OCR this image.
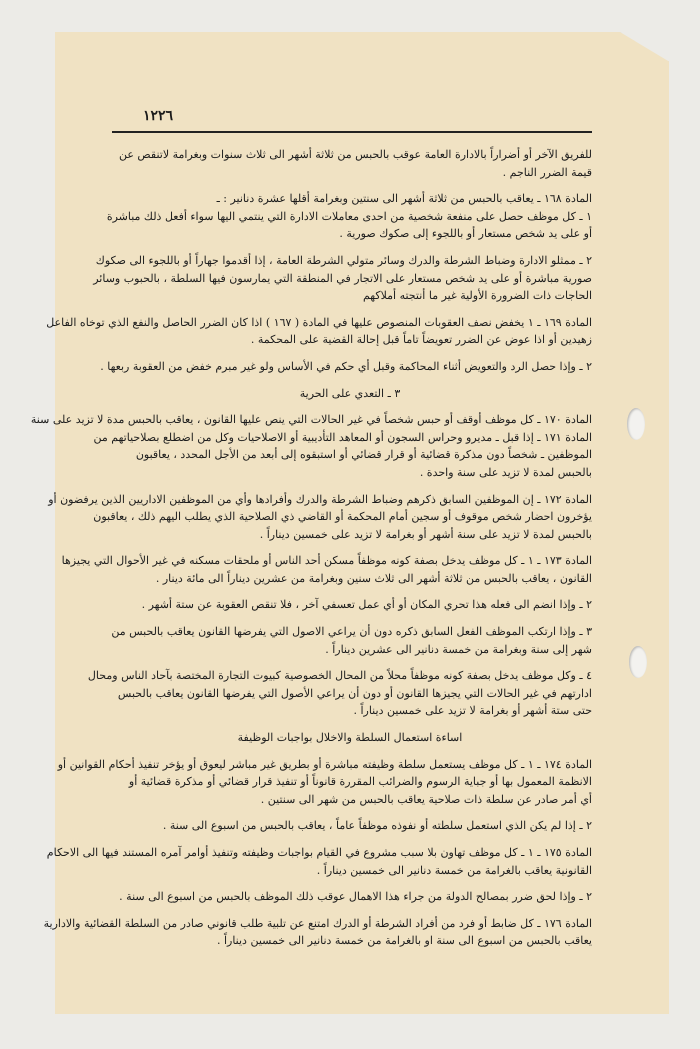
١٢٢٦

للفريق الآخر أو أضراراً بالادارة العامة عوقب بالحبس من ثلاثة أشهر الى ثلاث سنوات وبغرامة لاتنقص عن

قيمة الضرر الناجم .

المادة ١٦٨ ـ يعاقب بالحبس من ثلاثة أشهر الى سنتين وبغرامة أقلها عشرة دنانير : ـ

١ ـ كل موظف حصل على منفعة شخصية من احدى معاملات الادارة التي ينتمي اليها سواء أفعل ذلك مباشرة

أو على يد شخص مستعار أو باللجوء إلى صكوك صورية .

٢ ـ ممثلو الادارة وضباط الشرطة والدرك وسائر متولي الشرطة العامة ، إذا أقدموا جهاراً أو باللجوء الى صكوك

صورية مباشرة أو على يد شخص مستعار على الاتجار في المنطقة التي يمارسون فيها السلطة ، بالحبوب وسائر

الحاجات ذات الضرورة الأولية غير ما أنتجته أملاكهم

المادة ١٦٩ ـ ١ يخفض نصف العقوبات المنصوص عليها في المادة ( ١٦٧ ) اذا كان الضرر الحاصل والنفع الذي توخاه الفاعل

زهيدين أو اذا عوض عن الضرر تعويضاً تاماً قبل إحالة القضية على المحكمة .

٢ ـ وإذا حصل الرد والتعويض أثناء المحاكمة وقبل أي حكم في الأساس ولو غير مبرم خفض من العقوبة ربعها .

٣ ـ التعدي على الحرية

المادة ١٧٠ ـ كل موظف أوقف أو حبس شخصاً في غير الحالات التي ينص عليها القانون ، يعاقب بالحبس مدة لا تزيد على سنة

المادة ١٧١ ـ إذا قبل ـ مديرو وحراس السجون أو المعاهد التأديبية أو الاصلاحيات وكل من اضطلع بصلاحياتهم من

الموظفين ـ شخصاً دون مذكرة قضائية أو قرار قضائي أو استبقوه إلى أبعد من الأجل المحدد ، يعاقبون

بالحبس لمدة لا تزيد على سنة واحدة .

المادة ١٧٢ ـ إن الموظفين السابق ذكرهم وضباط الشرطة والدرك وأفرادها وأي من الموظفين الاداريين الذين يرفضون أو

يؤخرون احضار شخص موقوف أو سجين أمام المحكمة أو القاضي ذي الصلاحية الذي يطلب اليهم ذلك ، يعاقبون

بالحبس لمدة لا تزيد على سنة أشهر أو بغرامة لا تزيد على خمسين ديناراً .

المادة ١٧٣ ـ ١ ـ كل موظف يدخل بصفة كونه موظفاً مسكن أحد الناس أو ملحقات مسكنه في غير الأحوال التي يجيزها

القانون ، يعاقب بالحبس من ثلاثة أشهر الى ثلاث سنين وبغرامة من عشرين ديناراً الى مائة دينار .

٢ ـ وإذا انضم الى فعله هذا تحري المكان أو أي عمل تعسفي آخر ، فلا تنقص العقوبة عن ستة أشهر .

٣ ـ وإذا ارتكب الموظف الفعل السابق ذكره دون أن يراعي الاصول التي يفرضها القانون يعاقب بالحبس من

شهر إلى سنة وبغرامة من خمسة دنانير الى عشرين ديناراً .

٤ ـ وكل موظف يدخل بصفة كونه موظفاً محلاً من المحال الخصوصية كبيوت التجارة المختصة بآحاد الناس ومحال

ادارتهم في غير الحالات التي يجيزها القانون أو دون أن يراعي الأصول التي يفرضها القانون يعاقب بالحبس

حتى ستة أشهر أو بغرامة لا تزيد على خمسين ديناراً .

اساءة استعمال السلطة والاخلال بواجبات الوظيفة

المادة ١٧٤ ـ ١ ـ كل موظف يستعمل سلطة وظيفته مباشرة أو بطريق غير مباشر ليعوق أو يؤخر تنفيذ أحكام القوانين أو

الانظمة المعمول بها أو جباية الرسوم والضرائب المقررة قانوناً أو تنفيذ قرار قضائي أو مذكرة قضائية أو

أي أمر صادر عن سلطة ذات صلاحية يعاقب بالحبس من شهر الى سنتين .

٢ ـ إذا لم يكن الذي استعمل سلطته أو نفوذه موظفاً عاماً ، يعاقب بالحبس من اسبوع الى سنة .

المادة ١٧٥ ـ ١ ـ كل موظف تهاون بلا سبب مشروع في القيام بواجبات وظيفته وتنفيذ أوامر آمره المستند فيها الى الاحكام

القانونية يعاقب بالغرامة من خمسة دنانير الى خمسين ديناراً .

٢ ـ وإذا لحق ضرر بمصالح الدولة من جراء هذا الاهمال عوقب ذلك الموظف بالحبس من اسبوع الى سنة .

المادة ١٧٦ ـ كل ضابط أو فرد من أفراد الشرطة أو الدرك امتنع عن تلبية طلب قانوني صادر من السلطة القضائية والادارية

يعاقب بالحبس من اسبوع الى سنة او بالغرامة من خمسة دنانير الى خمسين ديناراً .
